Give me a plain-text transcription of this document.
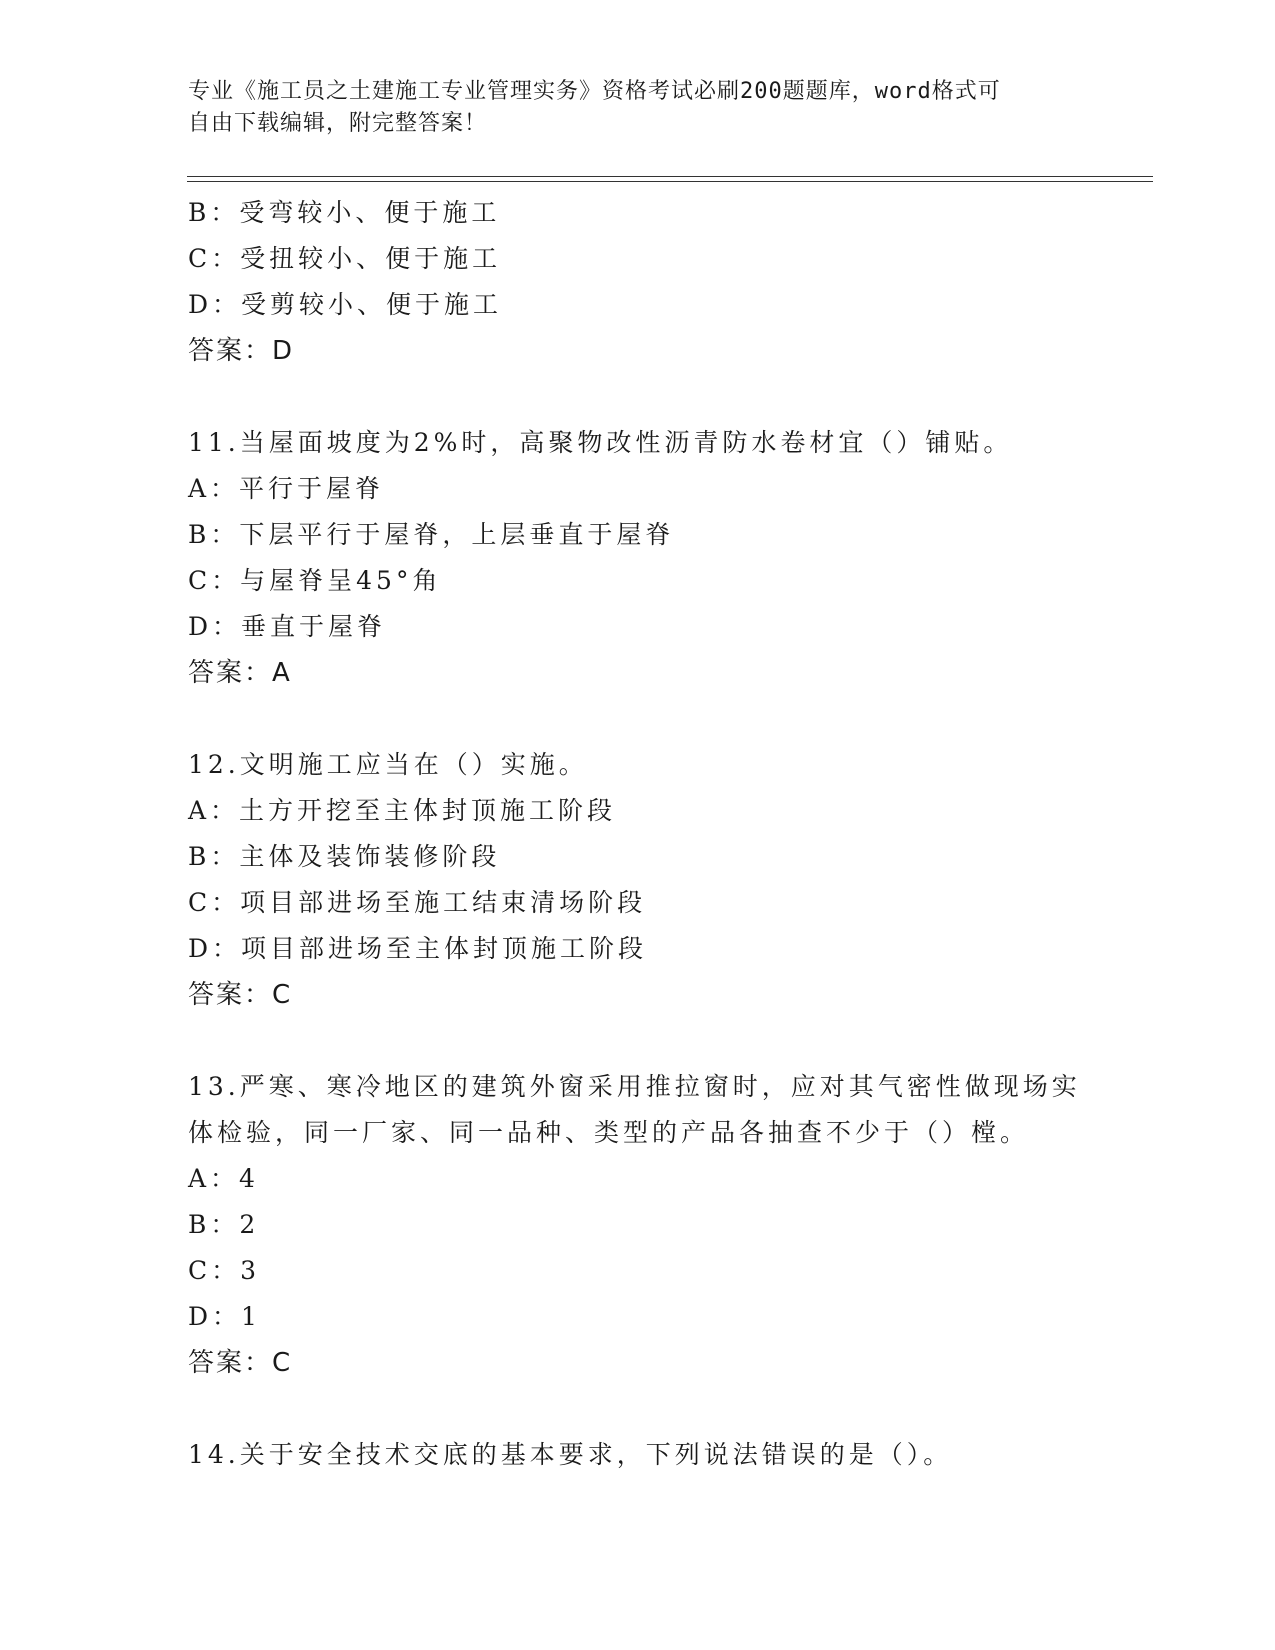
专业《施工员之土建施工专业管理实务》资格考试必刷200题题库，word格式可
自由下载编辑，附完整答案！
B：受弯较小、便于施工
C：受扭较小、便于施工
D：受剪较小、便于施工
答案：D
11.当屋面坡度为2%时，高聚物改性沥青防水卷材宜（）铺贴。
A：平行于屋脊
B：下层平行于屋脊，上层垂直于屋脊
C：与屋脊呈45°角
D：垂直于屋脊
答案：A
12.文明施工应当在（）实施。
A：土方开挖至主体封顶施工阶段
B：主体及装饰装修阶段
C：项目部进场至施工结束清场阶段
D：项目部进场至主体封顶施工阶段
答案：C
13.严寒、寒冷地区的建筑外窗采用推拉窗时，应对其气密性做现场实
体检验，同一厂家、同一品种、类型的产品各抽查不少于（）樘。
A：4
B：2
C：3
D：1
答案：C
14.关于安全技术交底的基本要求，下列说法错误的是（）。
